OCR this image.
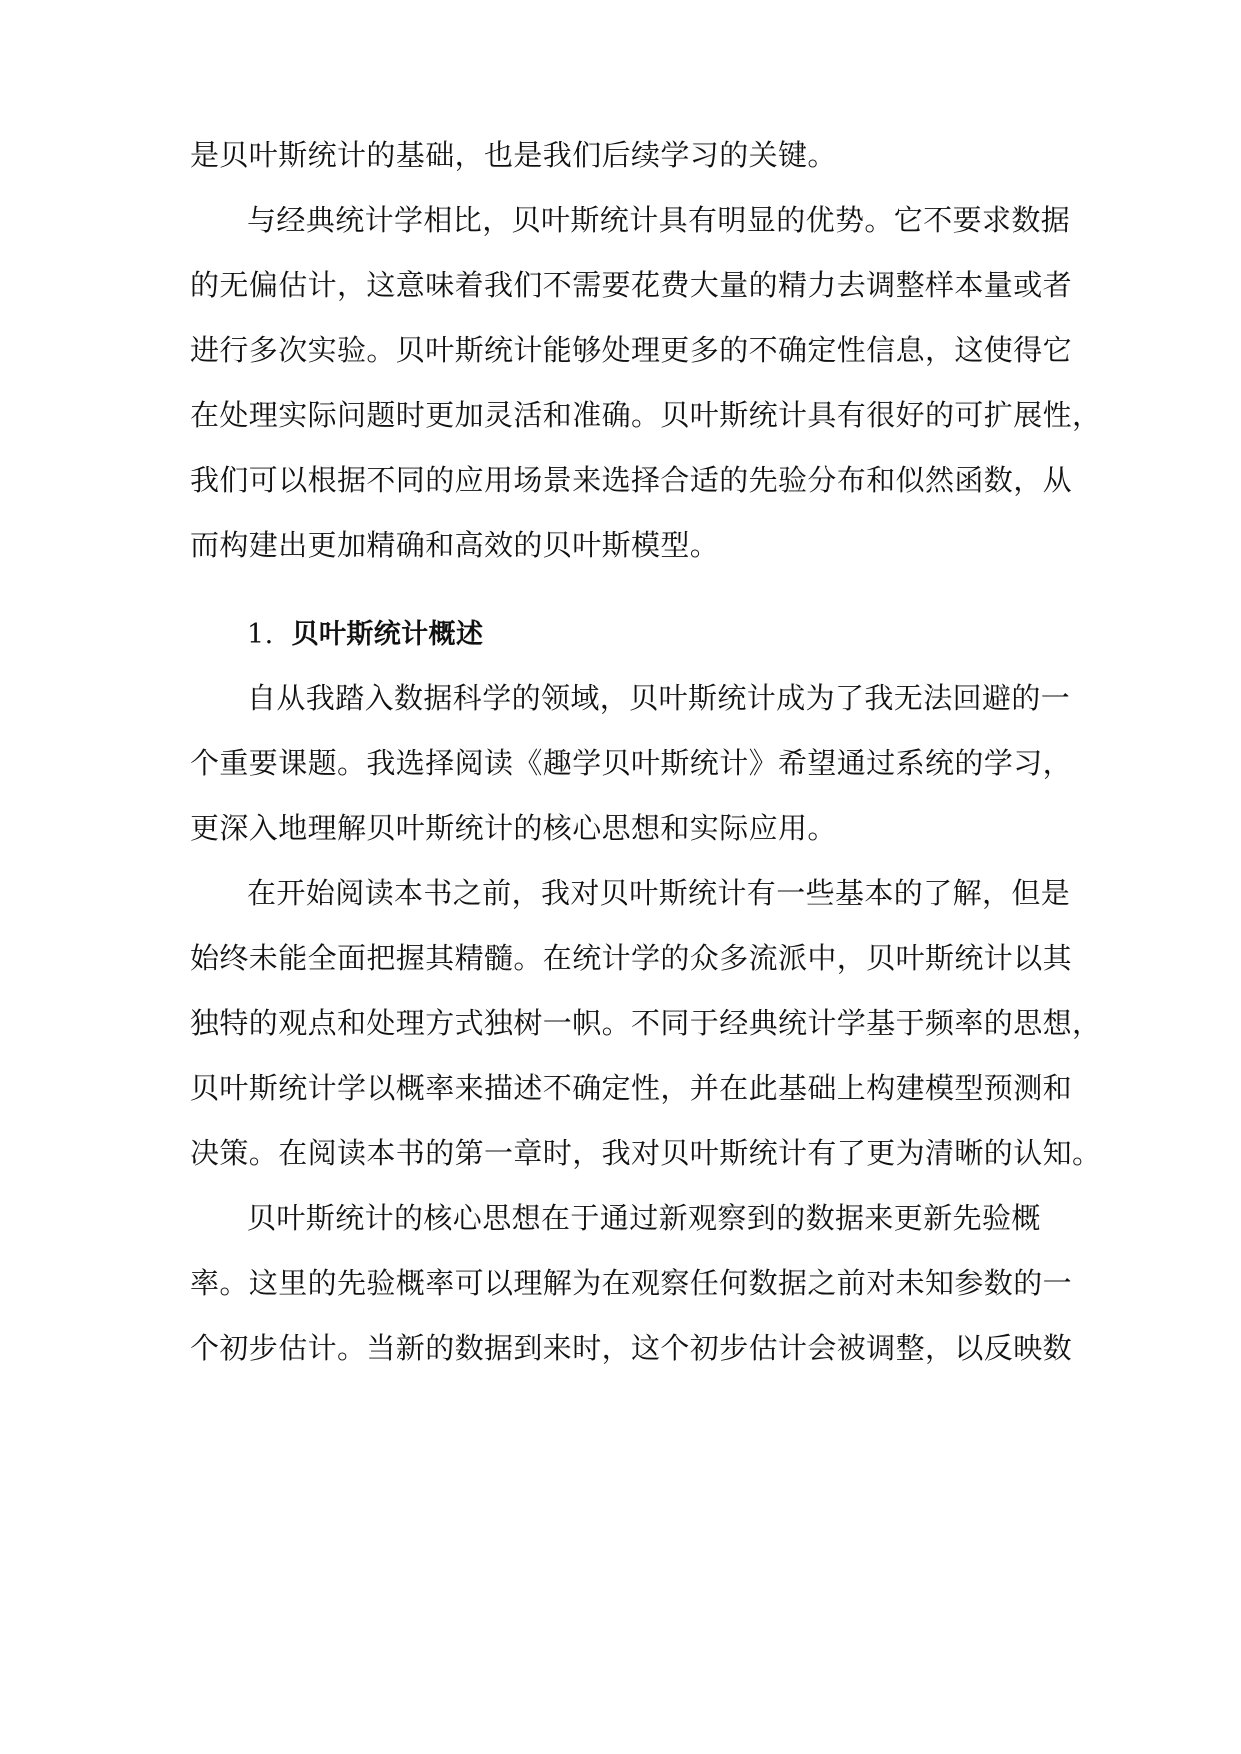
是贝叶斯统计的基础，也是我们后续学习的关键。
与经典统计学相比，贝叶斯统计具有明显的优势。它不要求数据
的无偏估计，这意味着我们不需要花费大量的精力去调整样本量或者
进行多次实验。贝叶斯统计能够处理更多的不确定性信息，这使得它
在处理实际问题时更加灵活和准确。贝叶斯统计具有很好的可扩展性，
我们可以根据不同的应用场景来选择合适的先验分布和似然函数，从
而构建出更加精确和高效的贝叶斯模型。
1. 贝叶斯统计概述
自从我踏入数据科学的领域，贝叶斯统计成为了我无法回避的一
个重要课题。我选择阅读《趣学贝叶斯统计》希望通过系统的学习，
更深入地理解贝叶斯统计的核心思想和实际应用。
在开始阅读本书之前，我对贝叶斯统计有一些基本的了解，但是
始终未能全面把握其精髓。在统计学的众多流派中，贝叶斯统计以其
独特的观点和处理方式独树一帜。不同于经典统计学基于频率的思想，
贝叶斯统计学以概率来描述不确定性，并在此基础上构建模型预测和
决策。在阅读本书的第一章时，我对贝叶斯统计有了更为清晰的认知。
贝叶斯统计的核心思想在于通过新观察到的数据来更新先验概
率。这里的先验概率可以理解为在观察任何数据之前对未知参数的一
个初步估计。当新的数据到来时，这个初步估计会被调整，以反映数
